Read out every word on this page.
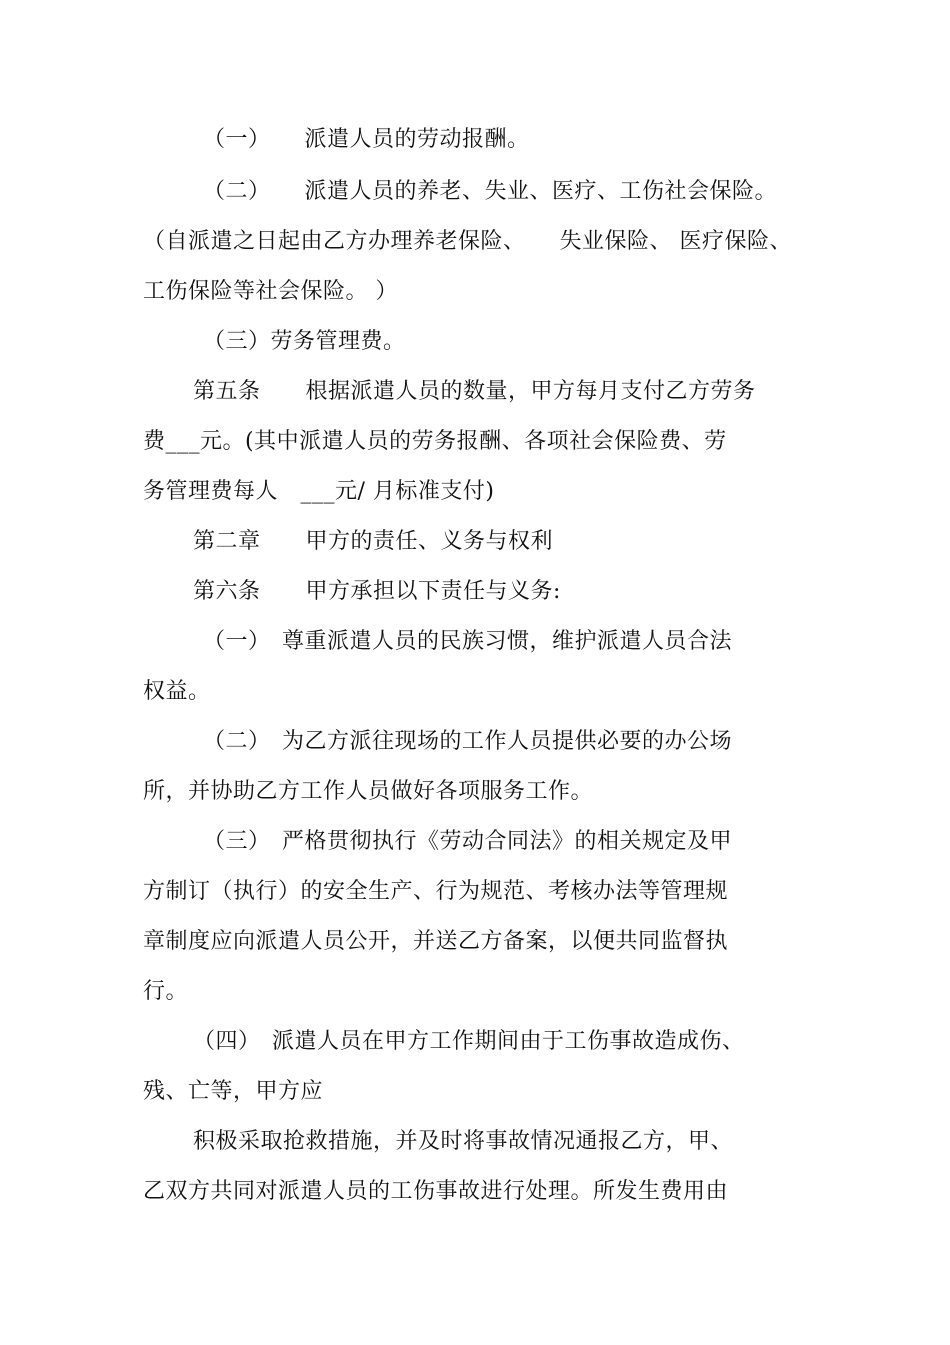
（一）　　派遣人员的劳动报酬。
（二）　　派遣人员的养老、失业、医疗、工伤社会保险。
（自派遣之日起由乙方办理养老保险、　　失业保险、 医疗保险、
工伤保险等社会保险。 ）
（三）劳务管理费。
第五条　　根据派遣人员的数量，甲方每月支付乙方劳务
费___元。(其中派遣人员的劳务报酬、各项社会保险费、劳
务管理费每人　___元/ 月标准支付)
第二章　　甲方的责任、义务与权利
第六条　　甲方承担以下责任与义务:
（一）　尊重派遣人员的民族习惯，维护派遣人员合法
权益。
（二）　为乙方派往现场的工作人员提供必要的办公场
所，并协助乙方工作人员做好各项服务工作。
（三）　严格贯彻执行《劳动合同法》的相关规定及甲
方制订（执行）的安全生产、行为规范、考核办法等管理规
章制度应向派遣人员公开，并送乙方备案，以便共同监督执
行。
（四）　派遣人员在甲方工作期间由于工伤事故造成伤、
残、亡等，甲方应
积极采取抢救措施，并及时将事故情况通报乙方，甲、
乙双方共同对派遣人员的工伤事故进行处理。所发生费用由
